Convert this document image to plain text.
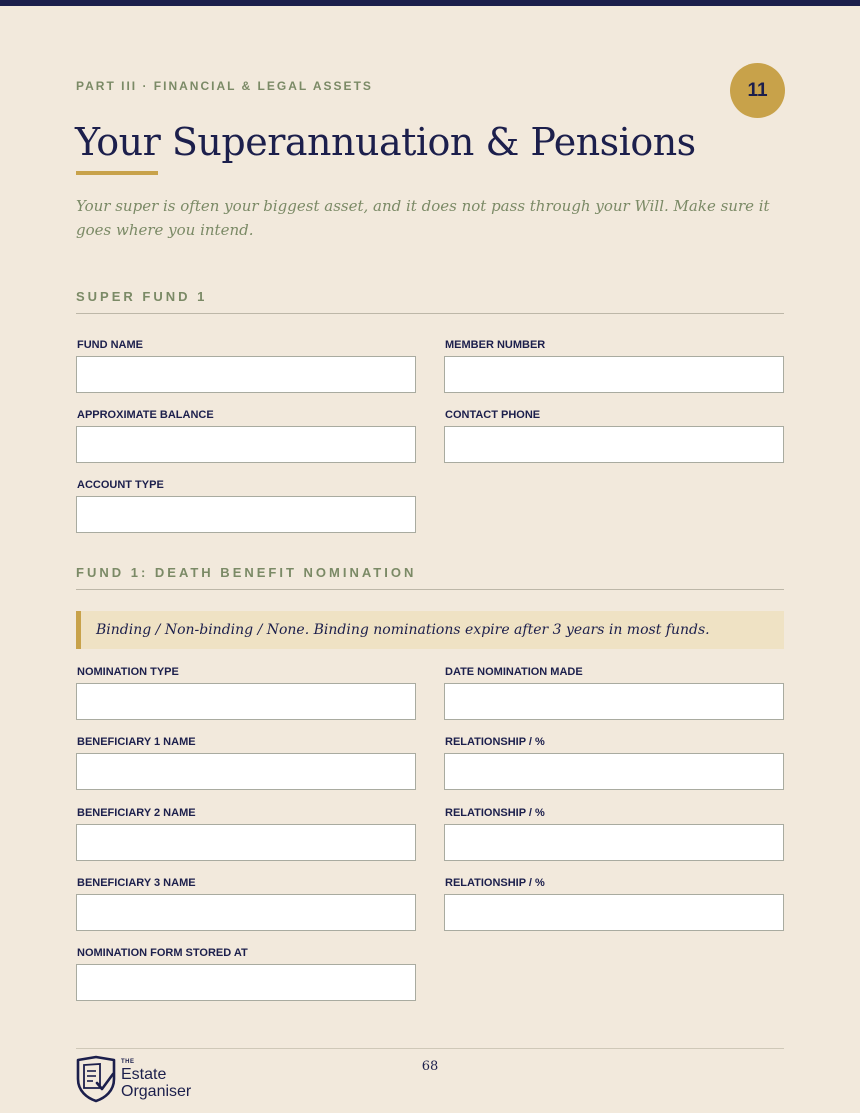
PART III · FINANCIAL & LEGAL ASSETS	11
Your Superannuation & Pensions

Your super is often your biggest asset, and it does not pass through your Will. Make sure it goes where you intend.

SUPER FUND 1
FUND NAME	MEMBER NUMBER
APPROXIMATE BALANCE	CONTACT PHONE
ACCOUNT TYPE
FUND 1: DEATH BENEFIT NOMINATION
Binding / Non-binding / None. Binding nominations expire after 3 years in most funds.
NOMINATION TYPE	DATE NOMINATION MADE
BENEFICIARY 1 NAME	RELATIONSHIP / %
BENEFICIARY 2 NAME	RELATIONSHIP / %
BENEFICIARY 3 NAME	RELATIONSHIP / %
NOMINATION FORM STORED AT
68
THE
Estate
Organiser
